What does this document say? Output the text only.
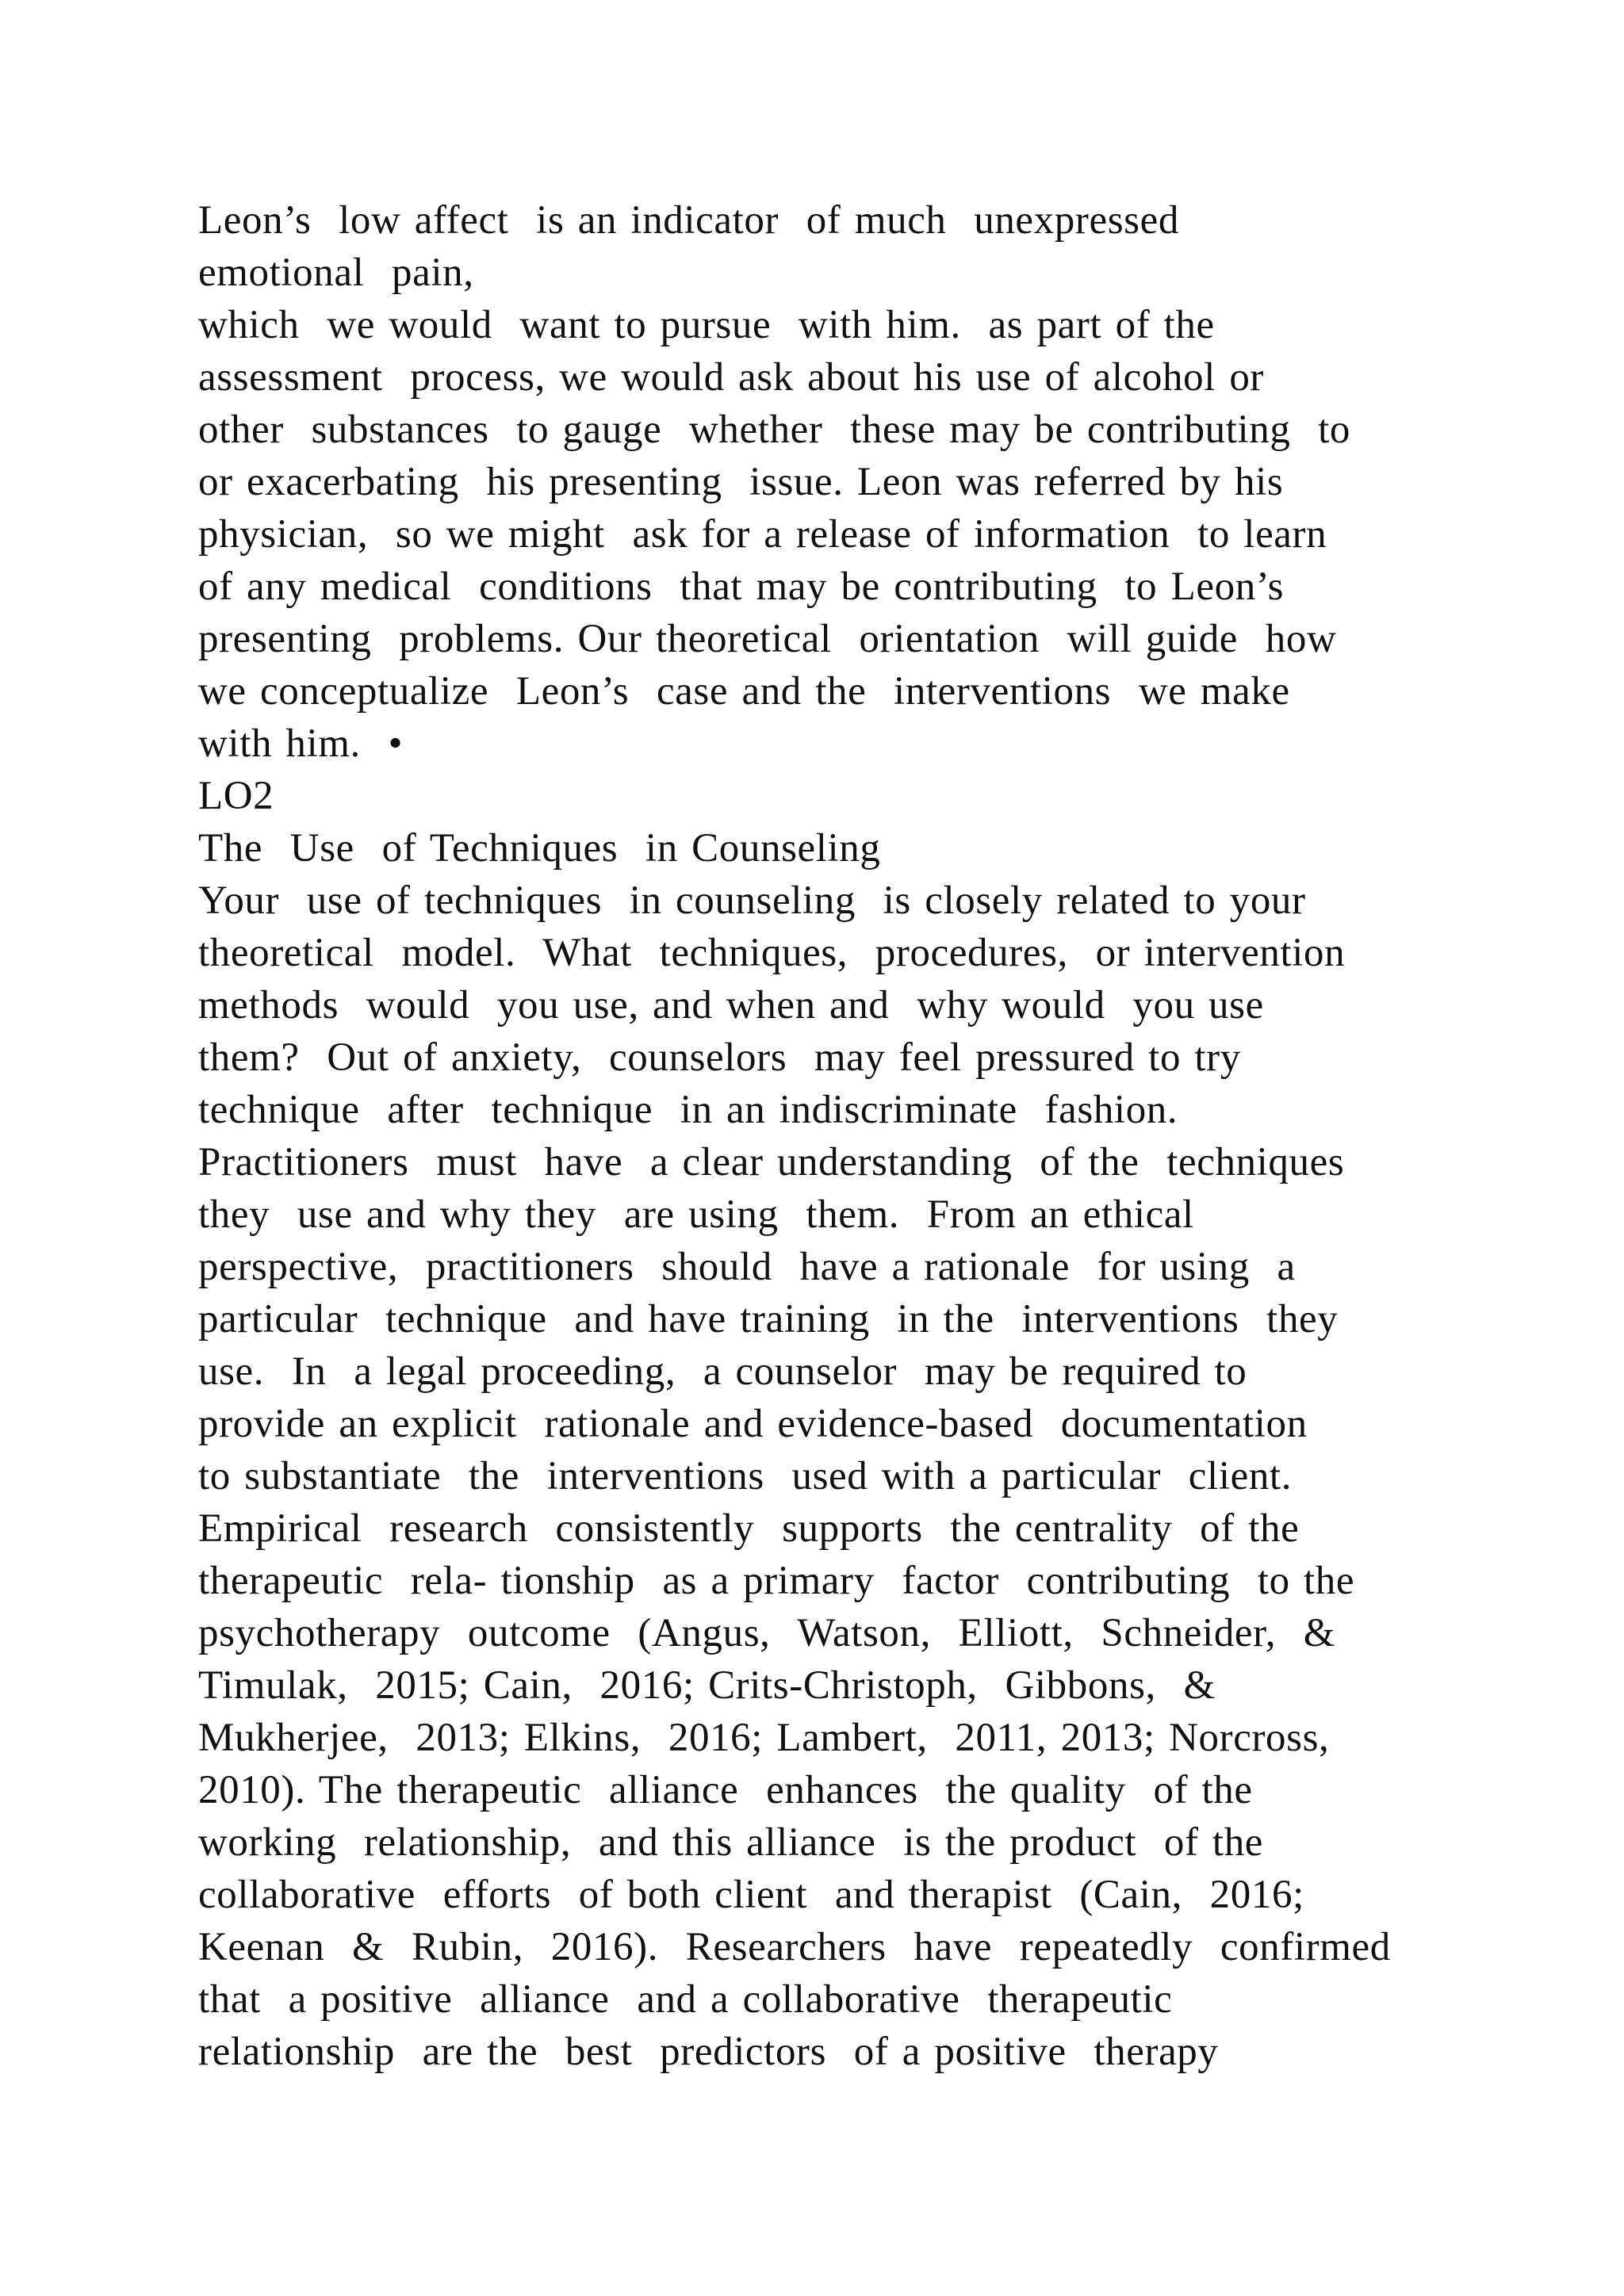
Leon’s  low affect  is an indicator  of much  unexpressed
emotional  pain,
which  we would  want to pursue  with him.  as part of the
assessment  process, we would ask about his use of alcohol or
other  substances  to gauge  whether  these may be contributing  to
or exacerbating  his presenting  issue. Leon was referred by his
physician,  so we might  ask for a release of information  to learn
of any medical  conditions  that may be contributing  to Leon’s
presenting  problems. Our theoretical  orientation  will guide  how
we conceptualize  Leon’s  case and the  interventions  we make
with him.  •
LO2
The  Use  of Techniques  in Counseling
Your  use of techniques  in counseling  is closely related to your
theoretical  model.  What  techniques,  procedures,  or intervention
methods  would  you use, and when and  why would  you use
them?  Out of anxiety,  counselors  may feel pressured to try
technique  after  technique  in an indiscriminate  fashion.
Practitioners  must  have  a clear understanding  of the  techniques
they  use and why they  are using  them.  From an ethical
perspective,  practitioners  should  have a rationale  for using  a
particular  technique  and have training  in the  interventions  they
use.  In  a legal proceeding,  a counselor  may be required to
provide an explicit  rationale and evidence-based  documentation
to substantiate  the  interventions  used with a particular  client.
Empirical  research  consistently  supports  the centrality  of the
therapeutic  rela- tionship  as a primary  factor  contributing  to the
psychotherapy  outcome  (Angus,  Watson,  Elliott,  Schneider,  &
Timulak,  2015; Cain,  2016; Crits-Christoph,  Gibbons,  &
Mukherjee,  2013; Elkins,  2016; Lambert,  2011, 2013; Norcross,
2010). The therapeutic  alliance  enhances  the quality  of the
working  relationship,  and this alliance  is the product  of the
collaborative  efforts  of both client  and therapist  (Cain,  2016;
Keenan  &  Rubin,  2016).  Researchers  have  repeatedly  confirmed
that  a positive  alliance  and a collaborative  therapeutic
relationship  are the  best  predictors  of a positive  therapy
